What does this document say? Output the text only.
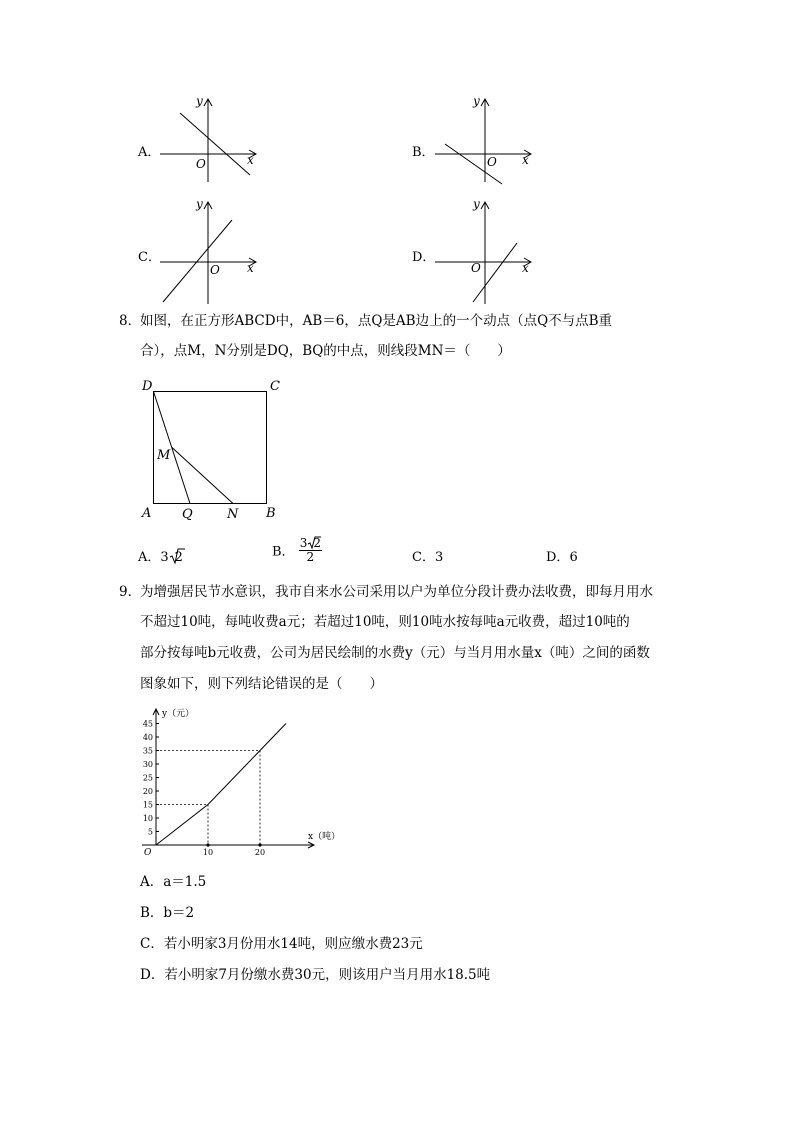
A．
y
x
O
B．
y
x
O
C．
y
x
O
D．
y
x
O
8．
如图，在正方形ABCD中，AB＝6，点Q是AB边上的一个动点（点Q不与点B重
合），点M，N分别是DQ，BQ的中点，则线段MN＝（　　）
D	C
A	B
M
Q	N
A．3 2	B． $\frac{3 2}{2}$	C．3	D．6
9．
为增强居民节水意识，我市自来水公司采用以户为单位分段计费办法收费，即每月用水
不超过10吨，每吨收费a元；若超过10吨，则10吨水按每吨a元收费，超过10吨的
部分按每吨b元收费，公司为居民绘制的水费y（元）与当月用水量x（吨）之间的函数
图象如下，则下列结论错误的是（　　）
y（元）
x（吨）
O
5
10
15
20
25
30
35
40
45
10	20
A．a＝1.5
B．b＝2
C．若小明家3月份用水14吨，则应缴水费23元
D．若小明家7月份缴水费30元，则该用户当月用水18.5吨
